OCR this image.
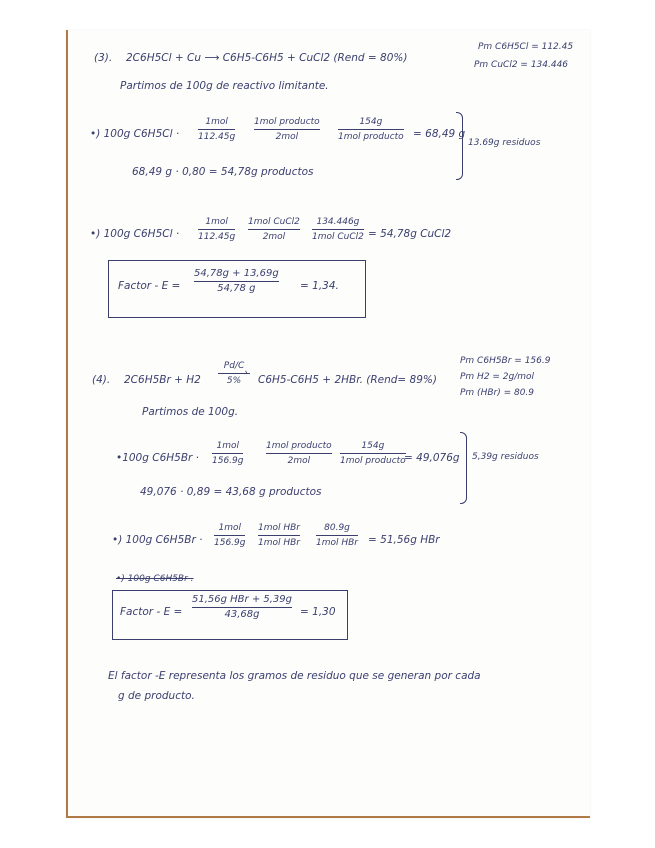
(3). 2C6H5Cl + Cu ⟶ C6H5-C6H5 + CuCl2 (Rend = 80%)
Pm C6H5Cl = 112.45
Pm CuCl2 = 134.446
Partimos de 100g de reactivo limitante.
•) 100g C6H5Cl ·
1mol
112.45g
1mol producto
2mol
154g
1mol producto = 68,49 g
13.69g residuos
68,49 g · 0,80 = 54,78g productos
•) 100g C6H5Cl ·
1mol
112.45g
1mol CuCl2
2mol
134.446g
1mol CuCl2 = 54,78g CuCl2
Factor - E =
54,78g + 13,69g
54,78 g	= 1,34.
(4). 2C6H5Br + H2
Pd/C
5%
›
C6H5-C6H5 + 2HBr. (Rend= 89%)
Pm C6H5Br = 156.9
Pm H2 = 2g/mol
Pm (HBr) = 80.9
Partimos de 100g.
•100g C6H5Br ·
1mol
156.9g
1mol producto
2mol
154g
1mol producto
= 49,076g 5,39g residuos
49,076 · 0,89 = 43,68 g productos
•) 100g C6H5Br ·
1mol
156.9g
1mol HBr
1mol HBr
80.9g
1mol HBr = 51,56g HBr
•) 100g C6H5Br .
Factor - E =
51,56g HBr + 5,39g
43,68g	= 1,30
El factor -E representa los gramos de residuo que se generan por cada
g de producto.
